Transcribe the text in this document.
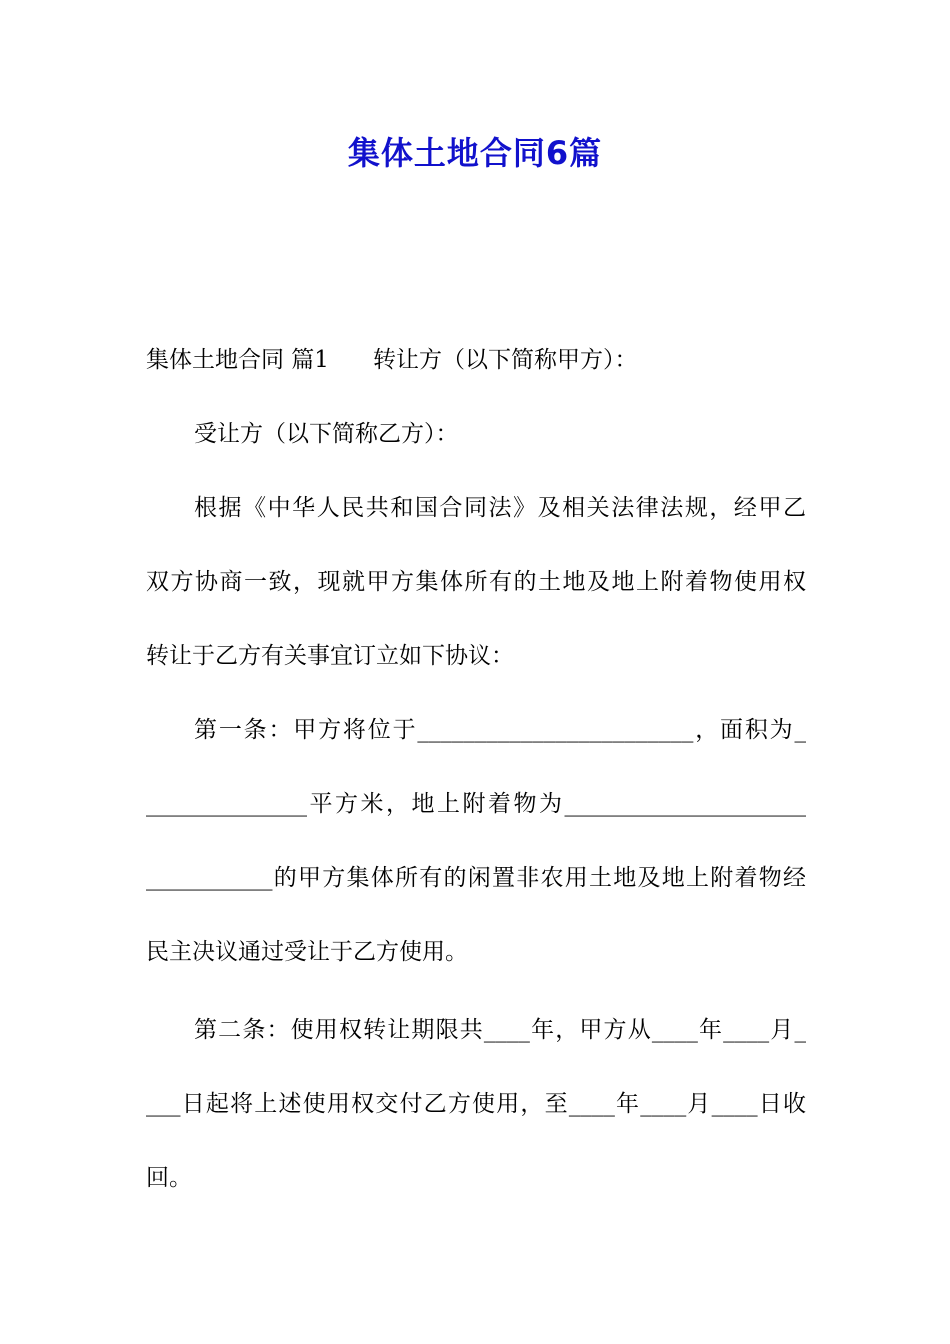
集体土地合同6篇
集体土地合同 篇1 转让方（以下简称甲方）：
受让方（以下简称乙方）：
根据《中华人民共和国合同法》及相关法律法规，经甲乙
双方协商一致，现就甲方集体所有的土地及地上附着物使用权
转让于乙方有关事宜订立如下协议：
第一条：甲方将位于________________________，面积为_
______________平方米，地上附着物为_____________________
___________的甲方集体所有的闲置非农用土地及地上附着物经
民主决议通过受让于乙方使用。
第二条：使用权转让期限共____年，甲方从____年____月_
___日起将上述使用权交付乙方使用，至____年____月____日收
回。
